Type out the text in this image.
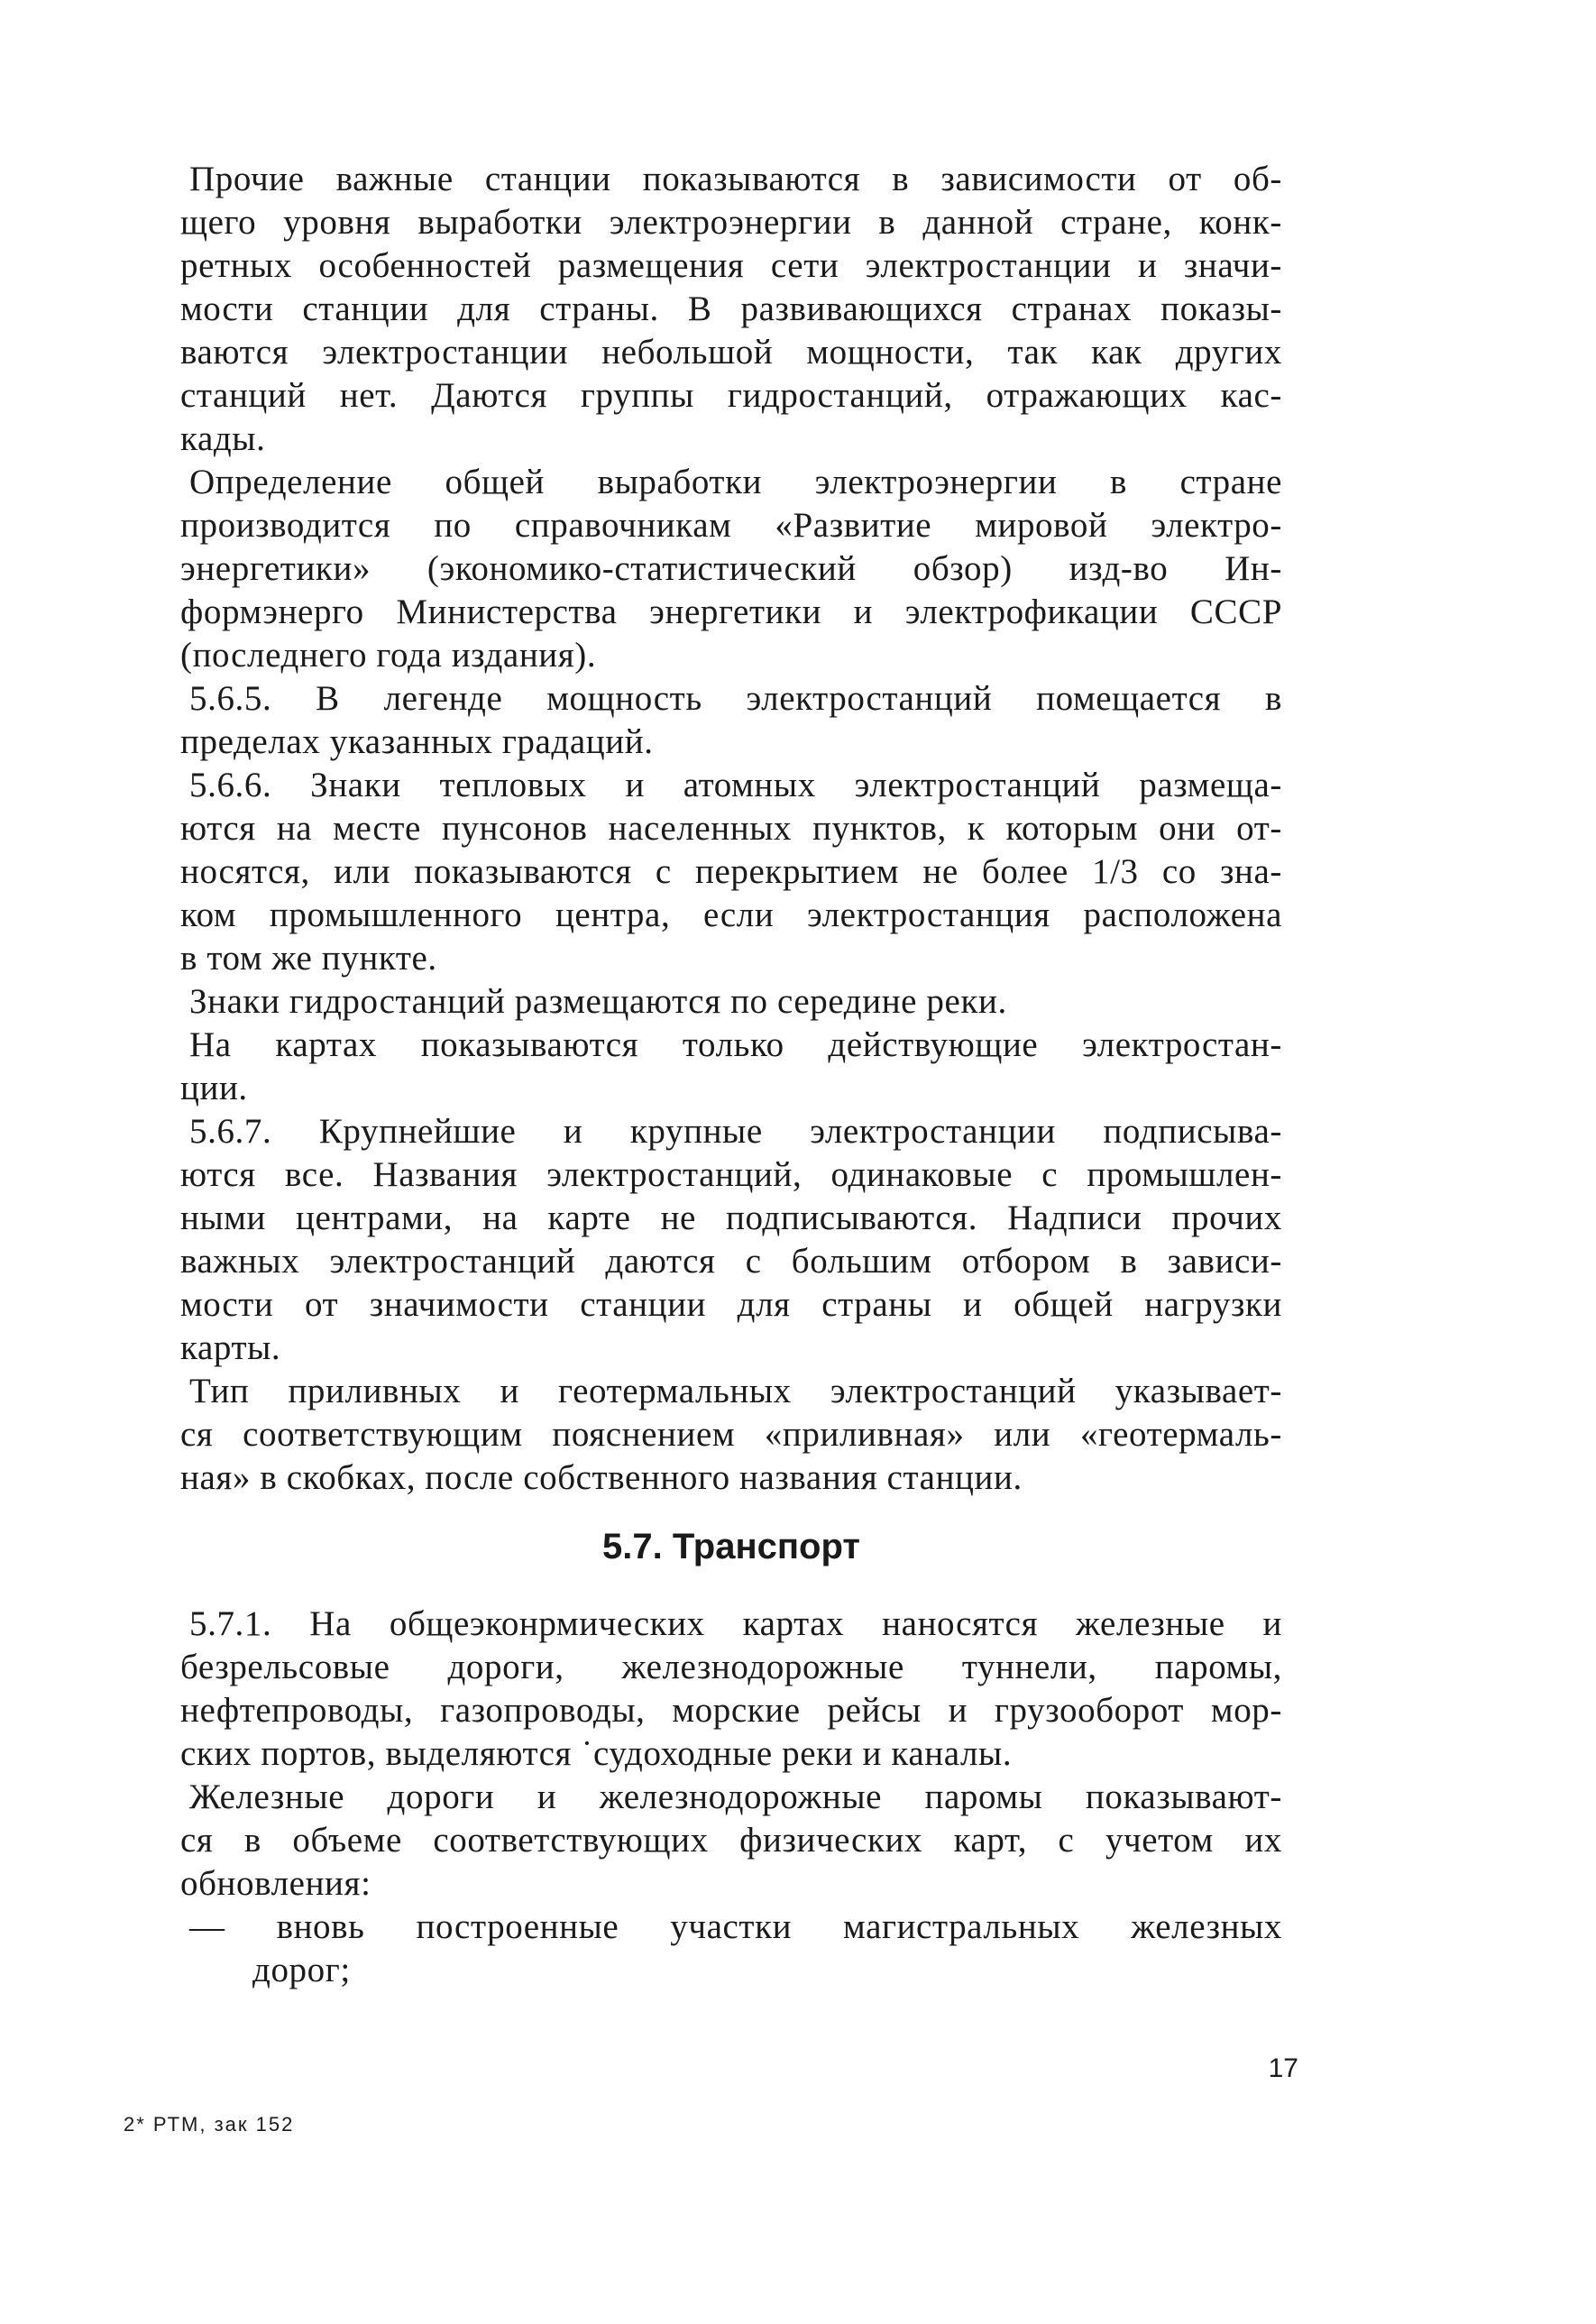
Прочие важные станции показываются в зависимости от об-
щего уровня выработки электроэнергии в данной стране, конк-
ретных особенностей размещения сети электростанции и значи-
мости станции для страны. В развивающихся странах показы-
ваются электростанции небольшой мощности, так как других
станций нет. Даются группы гидростанций, отражающих кас-
кады.
Определение общей выработки электроэнергии в стране
производится по справочникам «Развитие мировой электро-
энергетики» (экономико-статистический обзор) изд-во Ин-
формэнерго Министерства энергетики и электрофикации СССР
(последнего года издания).
5.6.5. В легенде мощность электростанций помещается в
пределах указанных градаций.
5.6.6. Знаки тепловых и атомных электростанций размеща-
ются на месте пунсонов населенных пунктов, к которым они от-
носятся, или показываются с перекрытием не более 1/3 со зна-
ком промышленного центра, если электростанция расположена
в том же пункте.
Знаки гидростанций размещаются по середине реки.
На картах показываются только действующие электростан-
ции.
5.6.7. Крупнейшие и крупные электростанции подписыва-
ются все. Названия электростанций, одинаковые с промышлен-
ными центрами, на карте не подписываются. Надписи прочих
важных электростанций даются с большим отбором в зависи-
мости от значимости станции для страны и общей нагрузки
карты.
Тип приливных и геотермальных электростанций указывает-
ся соответствующим пояснением «приливная» или «геотермаль-
ная» в скобках, после собственного названия станции.
5.7. Транспорт
5.7.1. На общеэконрмических картах наносятся железные и
безрельсовые дороги, железнодорожные туннели, паромы,
нефтепроводы, газопроводы, морские рейсы и грузооборот мор-
ских портов, выделяются ˙судоходные реки и каналы.
Железные дороги и железнодорожные паромы показывают-
ся в объеме соответствующих физических карт, с учетом их
обновления:
— вновь построенные участки магистральных железных
дорог;
17
2* РТМ, зак 152
